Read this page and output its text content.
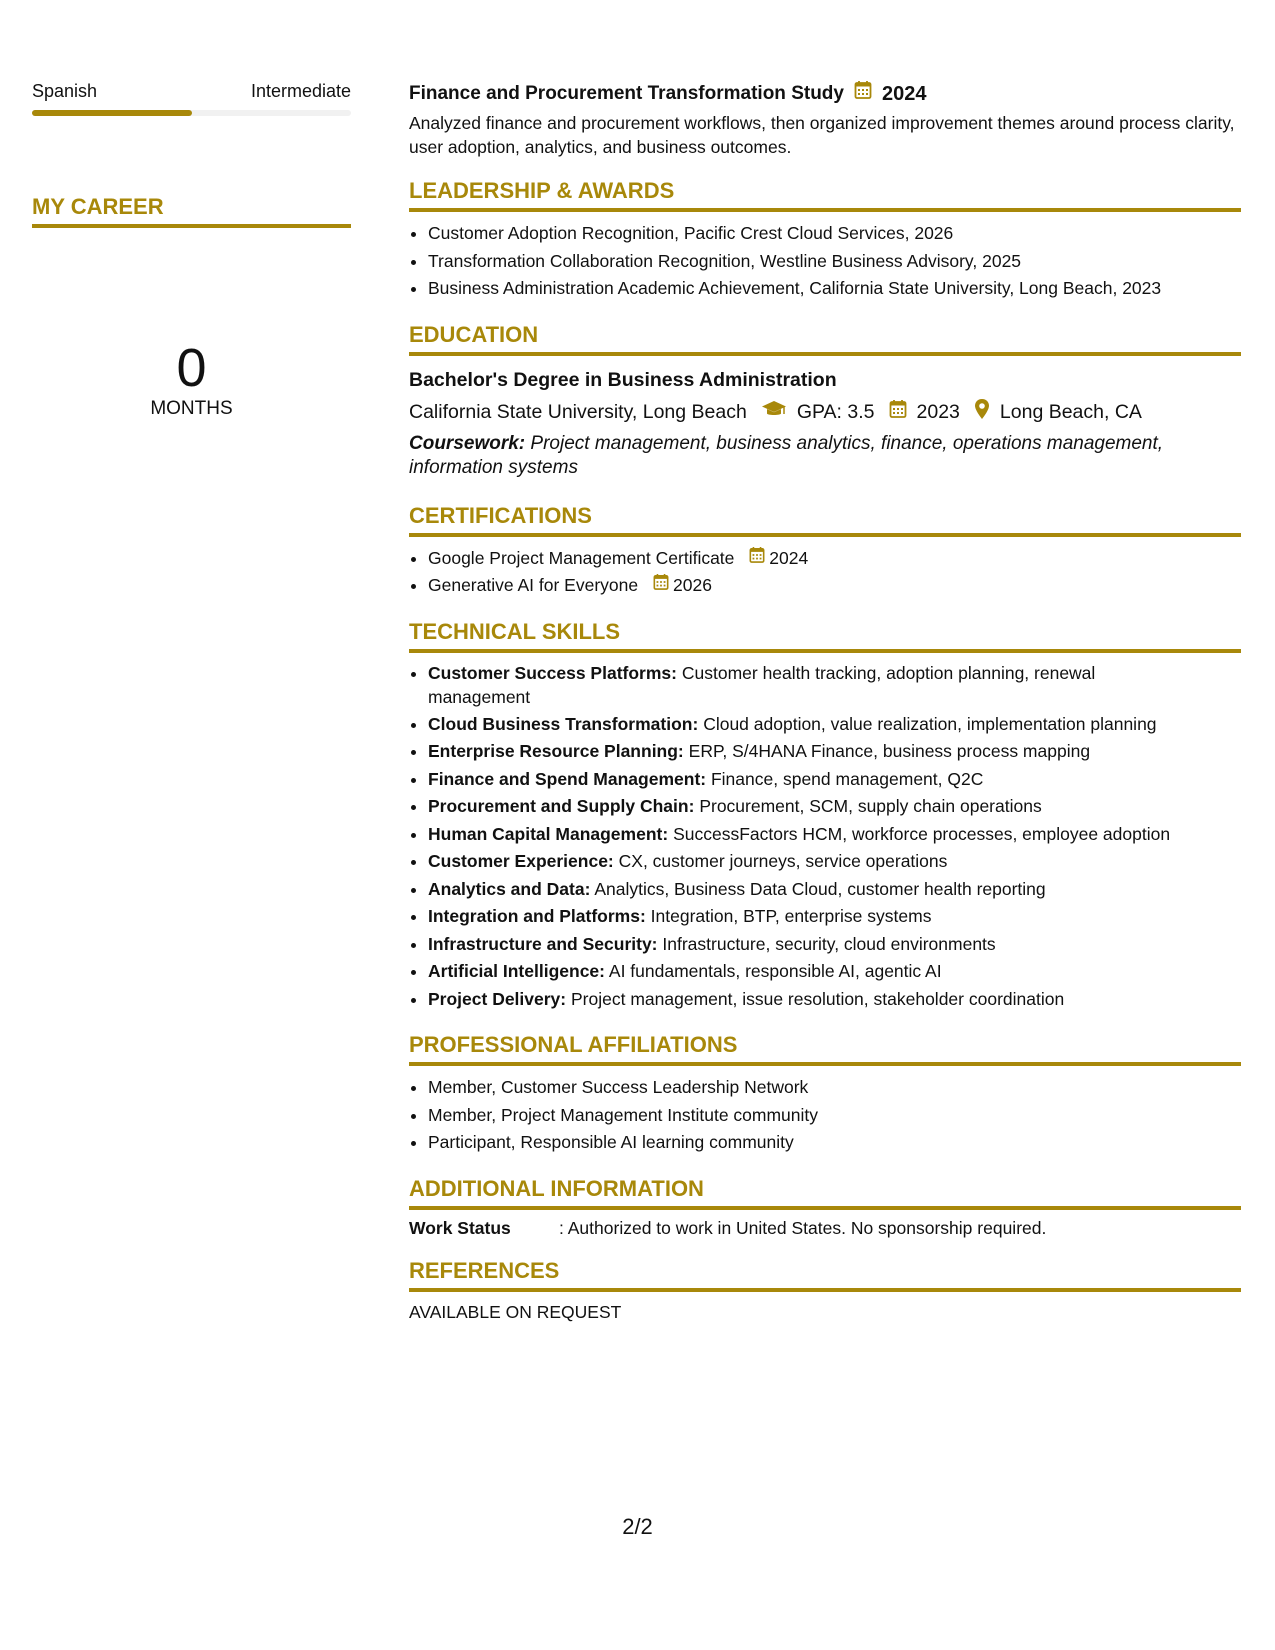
Spanish	Intermediate
MY CAREER
0
MONTHS
Finance and Procurement Transformation Study 2024
Analyzed finance and procurement workflows, then organized improvement themes around process clarity, user adoption, analytics, and business outcomes.
LEADERSHIP & AWARDS
• Customer Adoption Recognition, Pacific Crest Cloud Services, 2026
• Transformation Collaboration Recognition, Westline Business Advisory, 2025
• Business Administration Academic Achievement, California State University, Long Beach, 2023
EDUCATION
Bachelor's Degree in Business Administration
California State University, Long Beach	GPA: 3.5 2023 Long Beach, CA
Coursework: Project management, business analytics, finance, operations management, information systems
CERTIFICATIONS
• Google Project Management Certificate 2024
• Generative AI for Everyone 2026
TECHNICAL SKILLS
• Customer Success Platforms: Customer health tracking, adoption planning, renewal management
• Cloud Business Transformation: Cloud adoption, value realization, implementation planning
• Enterprise Resource Planning: ERP, S/4HANA Finance, business process mapping
• Finance and Spend Management: Finance, spend management, Q2C
• Procurement and Supply Chain: Procurement, SCM, supply chain operations
• Human Capital Management: SuccessFactors HCM, workforce processes, employee adoption
• Customer Experience: CX, customer journeys, service operations
• Analytics and Data: Analytics, Business Data Cloud, customer health reporting
• Integration and Platforms: Integration, BTP, enterprise systems
• Infrastructure and Security: Infrastructure, security, cloud environments
• Artificial Intelligence: AI fundamentals, responsible AI, agentic AI
• Project Delivery: Project management, issue resolution, stakeholder coordination
PROFESSIONAL AFFILIATIONS
• Member, Customer Success Leadership Network
• Member, Project Management Institute community
• Participant, Responsible AI learning community
ADDITIONAL INFORMATION
Work Status	: Authorized to work in United States. No sponsorship required.
REFERENCES
AVAILABLE ON REQUEST
2/2
